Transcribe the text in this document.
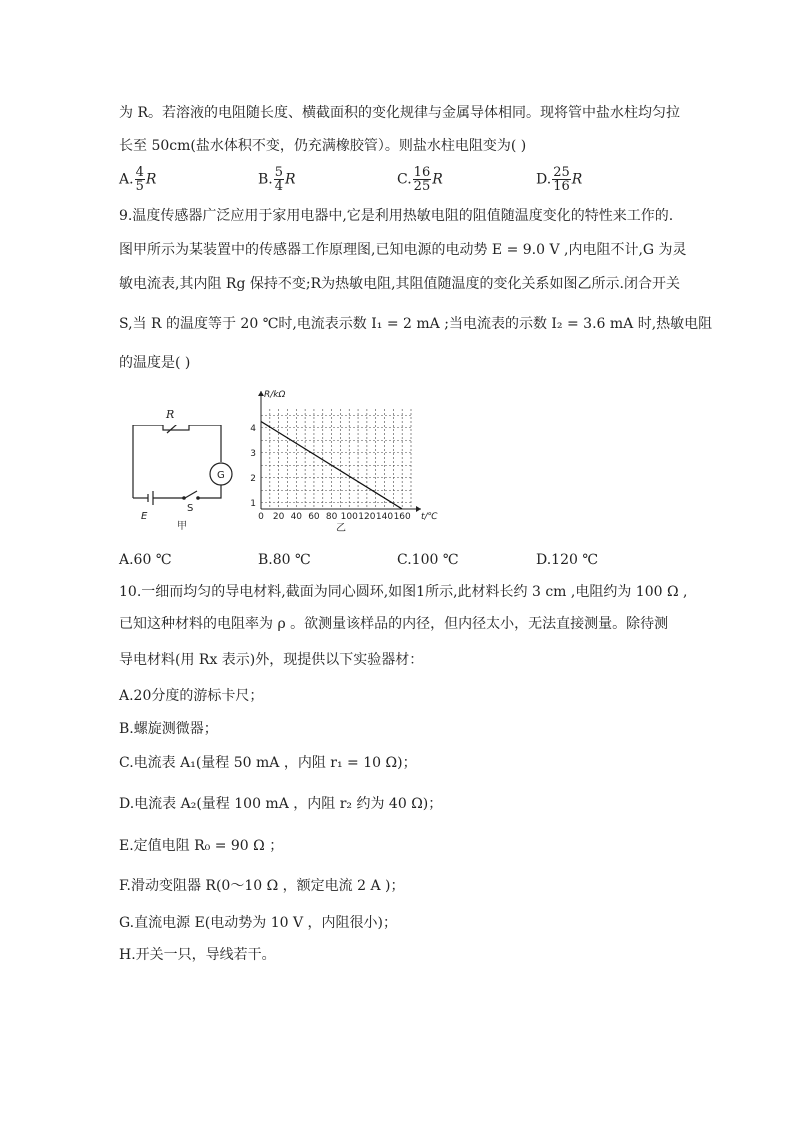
为 R。若溶液的电阻随长度、横截面积的变化规律与金属导体相同。现将管中盐水柱均匀拉
长至 50cm(盐水体积不变，仍充满橡胶管）。则盐水柱电阻变为( )
A. $\frac{4}{5}$ R	B. $\frac{5}{4}$ R	C. $\frac{16}{25}$ R	D. $\frac{25}{16}$ R
9.温度传感器广泛应用于家用电器中,它是利用热敏电阻的阻值随温度变化的特性来工作的.
图甲所示为某装置中的传感器工作原理图,已知电源的电动势 E = 9.0 V ,内电阻不计,G 为灵
敏电流表,其内阻 Rg 保持不变;R为热敏电阻,其阻值随温度的变化关系如图乙所示.闭合开关
S,当 R 的温度等于 20 ℃时,电流表示数 I₁ = 2 mA ;当电流表的示数 I₂ = 3.6 mA 时,热敏电阻
的温度是( )
G
E
S
甲
R
0 20 40 60 80 100 120 140 160
1
2
3
4
R/kΩ
t/℃
乙
A.60 ℃	B.80 ℃	C.100 ℃	D.120 ℃
10.一细而均匀的导电材料,截面为同心圆环,如图1所示,此材料长约 3 cm ,电阻约为 100 Ω ,
已知这种材料的电阻率为 ρ 。欲测量该样品的内径，但内径太小，无法直接测量。除待测
导电材料(用 Rx 表示)外，现提供以下实验器材：
A.20分度的游标卡尺；
B.螺旋测微器；
C.电流表 A₁(量程 50 mA ，内阻 r₁ = 10 Ω)；
D.电流表 A₂(量程 100 mA ，内阻 r₂ 约为 40 Ω)；
E.定值电阻 R₀ = 90 Ω ；
F.滑动变阻器 R(0～10 Ω ，额定电流 2 A )；
G.直流电源 E(电动势为 10 V ，内阻很小)；
H.开关一只，导线若干。
